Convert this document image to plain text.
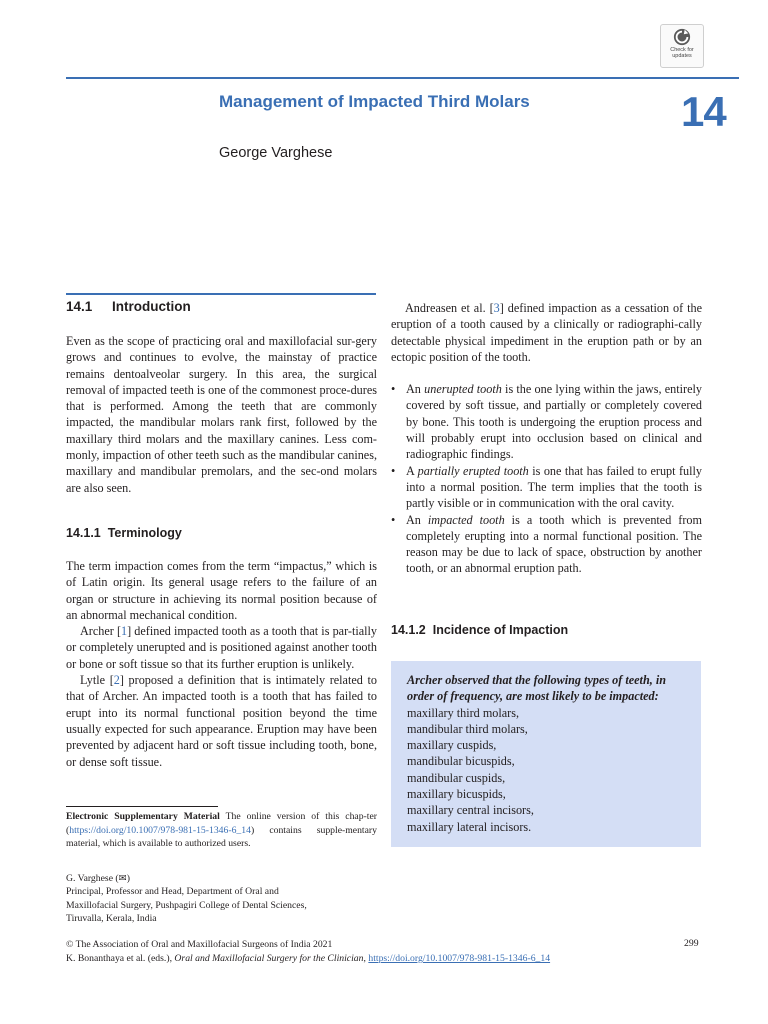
Check for
updates
Management of Impacted Third Molars	14
George Varghese
14.1 Introduction

Even as the scope of practicing oral and maxillofacial sur-gery grows and continues to evolve, the mainstay of practice remains dentoalveolar surgery. In this area, the surgical removal of impacted teeth is one of the commonest proce-dures that is performed. Among the teeth that are commonly impacted, the mandibular molars rank first, followed by the maxillary third molars and the maxillary canines. Less com-monly, impaction of other teeth such as the mandibular canines, maxillary and mandibular premolars, and the sec-ond molars are also seen.

14.1.1 Terminology

The term impaction comes from the term “impactus,” which is of Latin origin. Its general usage refers to the failure of an organ or structure in achieving its normal position because of an abnormal mechanical condition.

Archer [1] defined impacted tooth as a tooth that is par-tially or completely unerupted and is positioned against another tooth or bone or soft tissue so that its further eruption is unlikely.

Lytle [2] proposed a definition that is intimately related to that of Archer. An impacted tooth is a tooth that has failed to erupt into its normal functional position beyond the time usually expected for such appearance. Eruption may have been prevented by adjacent hard or soft tissue including tooth, bone, or dense soft tissue.

Andreasen et al. [3] defined impaction as a cessation of the eruption of a tooth caused by a clinically or radiographi-cally detectable physical impediment in the eruption path or by an ectopic position of the tooth.

• An unerupted tooth is the one lying within the jaws, entirely covered by soft tissue, and partially or completely covered by bone. This tooth is undergoing the eruption process and will probably erupt into occlusion based on clinical and radiographic findings.
• A partially erupted tooth is one that has failed to erupt fully into a normal position. The term implies that the tooth is partly visible or in communication with the oral cavity.
• An impacted tooth is a tooth which is prevented from completely erupting into a normal functional position. The reason may be due to lack of space, obstruction by another tooth, or an abnormal eruption path.
14.1.2 Incidence of Impaction
Archer observed that the following types of teeth, in order of frequency, are most likely to be impacted:
maxillary third molars,
mandibular third molars,
maxillary cuspids,
mandibular bicuspids,
mandibular cuspids,
maxillary bicuspids,
maxillary central incisors,
maxillary lateral incisors.
Electronic Supplementary Material The online version of this chap-ter (https://doi.org/10.1007/978-981-15-1346-6_14) contains supple-mentary material, which is available to authorized users.
G. Varghese (✉)
Principal, Professor and Head, Department of Oral and
Maxillofacial Surgery, Pushpagiri College of Dental Sciences,
Tiruvalla, Kerala, India
© The Association of Oral and Maxillofacial Surgeons of India 2021
K. Bonanthaya et al. (eds.), Oral and Maxillofacial Surgery for the Clinician, https://doi.org/10.1007/978-981-15-1346-6_14
299
